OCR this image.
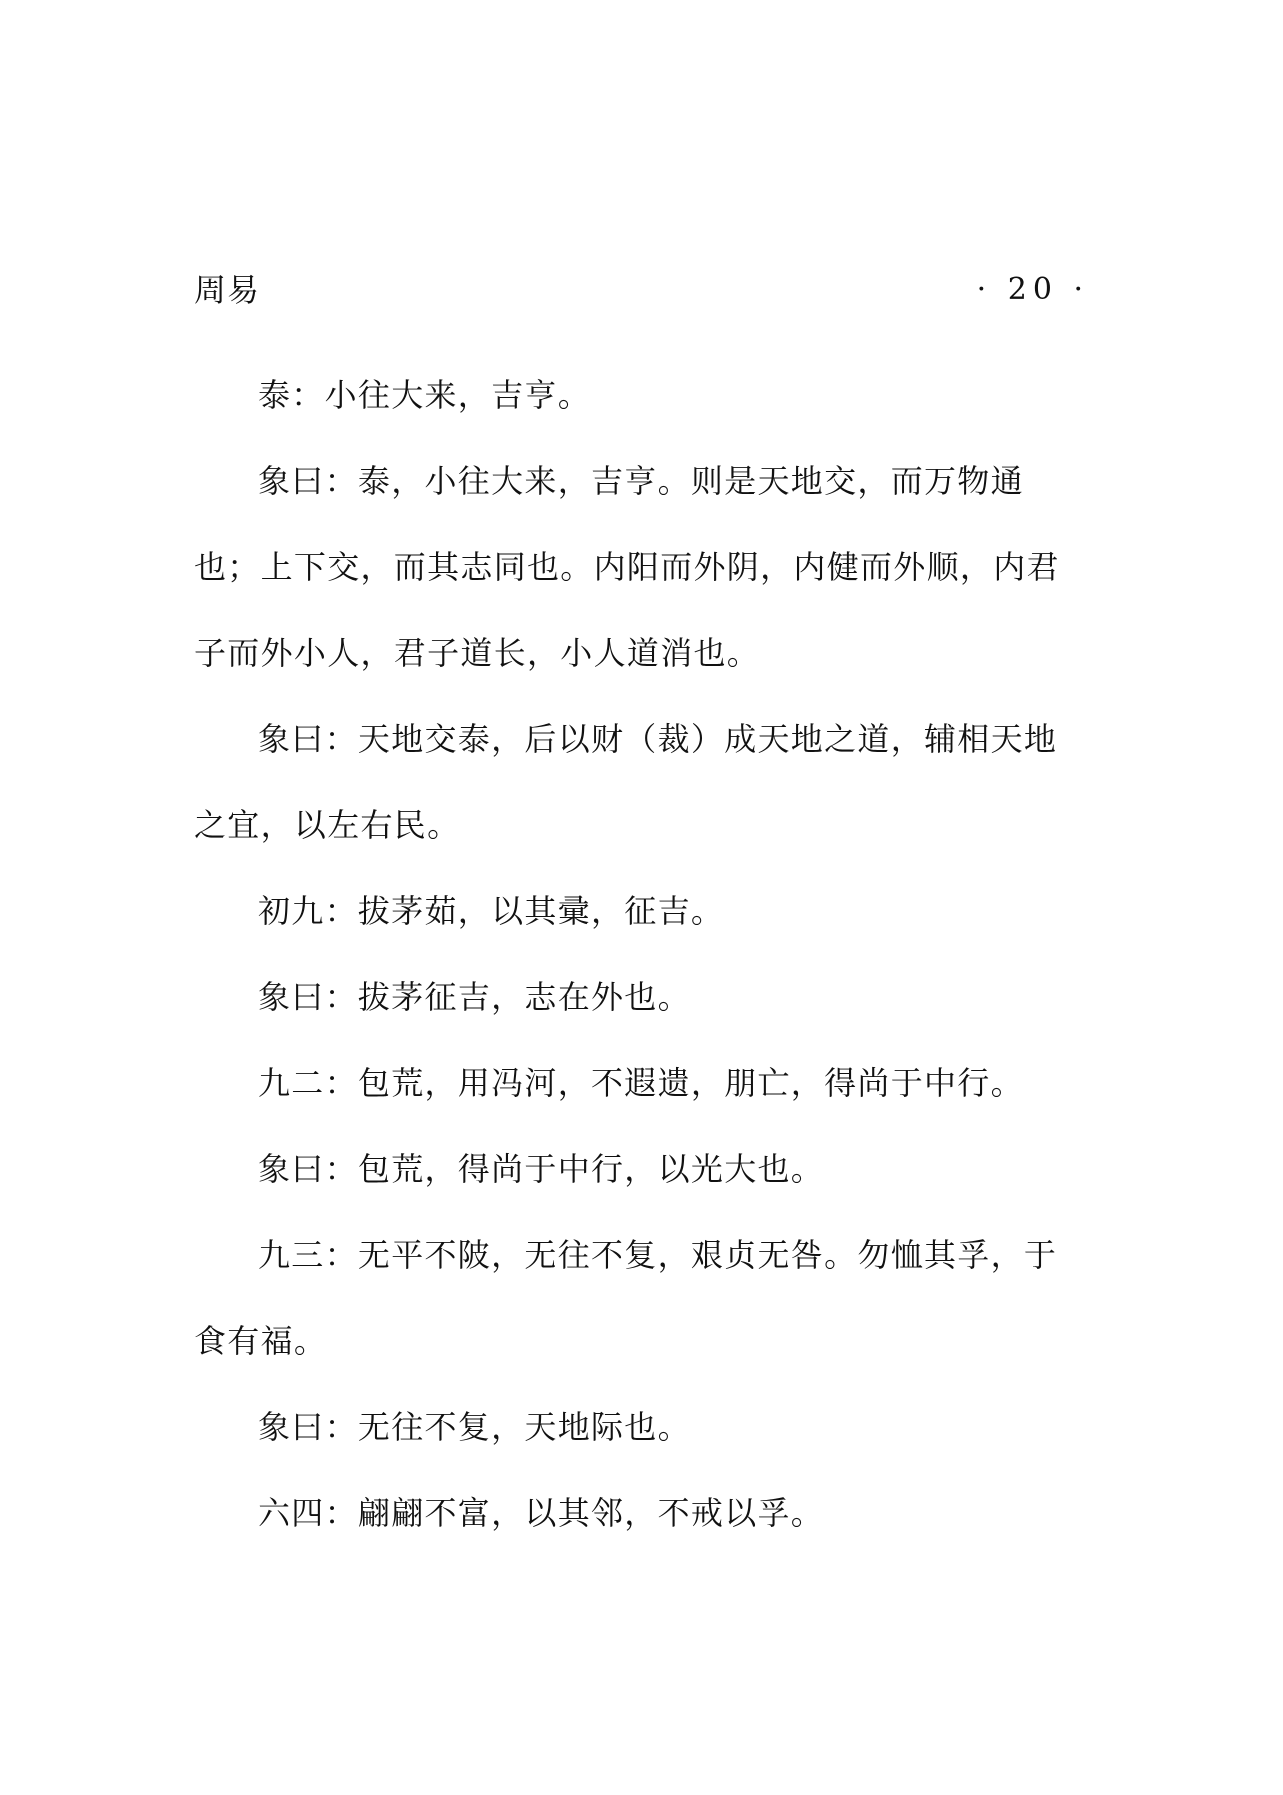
周易	· 20 ·

泰：小往大来，吉亨。

象曰：泰，小往大来，吉亨。则是天地交，而万物通也；上下交，而其志同也。内阳而外阴，内健而外顺，内君子而外小人，君子道长，小人道消也。

象曰：天地交泰，后以财（裁）成天地之道，辅相天地之宜，以左右民。

初九：拔茅茹，以其彚，征吉。

象曰：拔茅征吉，志在外也。

九二：包荒，用冯河，不遐遗，朋亡，得尚于中行。

象曰：包荒，得尚于中行，以光大也。

九三：无平不陂，无往不复，艰贞无咎。勿恤其孚，于食有福。

象曰：无往不复，天地际也。

六四：翩翩不富，以其邻，不戒以孚。
